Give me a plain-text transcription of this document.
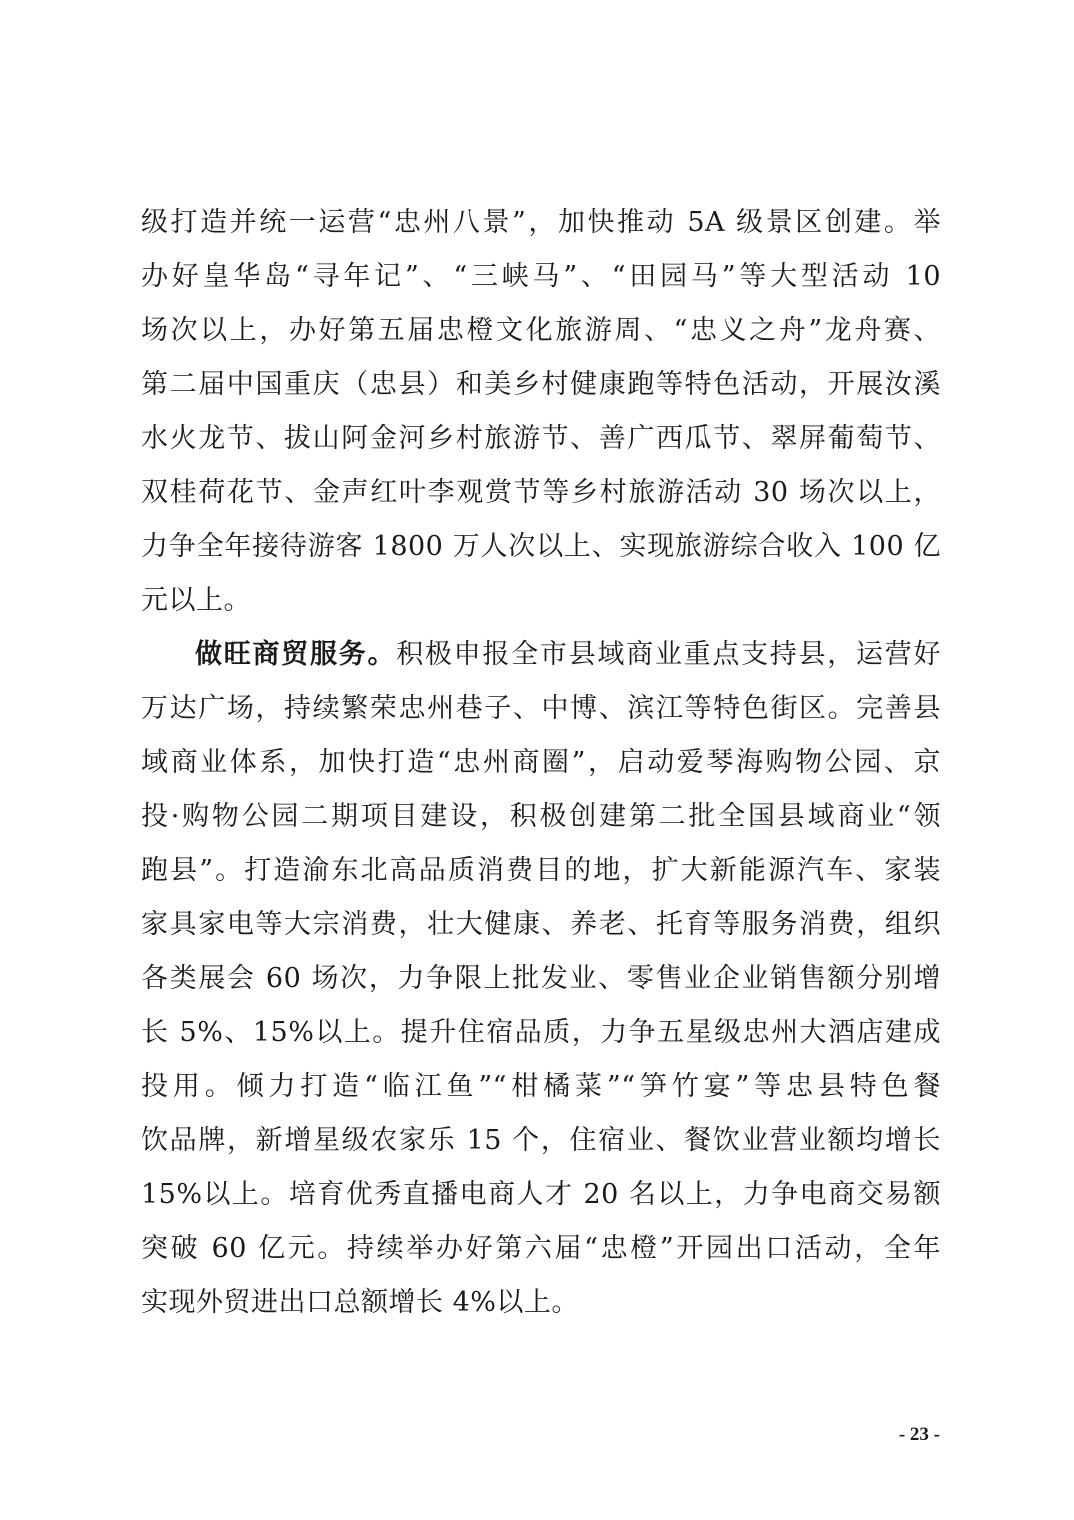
级打造并统一运营“忠州八景”，加快推动 5A 级景区创建。举
办好皇华岛“寻年记”、“三峡马”、“田园马”等大型活动 10
场次以上，办好第五届忠橙文化旅游周、“忠义之舟”龙舟赛、
第二届中国重庆（忠县）和美乡村健康跑等特色活动，开展汝溪
水火龙节、拔山阿金河乡村旅游节、善广西瓜节、翠屏葡萄节、
双桂荷花节、金声红叶李观赏节等乡村旅游活动 30 场次以上，
力争全年接待游客 1800 万人次以上、实现旅游综合收入 100 亿
元以上。
做旺商贸服务。积极申报全市县域商业重点支持县，运营好
万达广场，持续繁荣忠州巷子、中博、滨江等特色街区。完善县
域商业体系，加快打造“忠州商圈”，启动爱琴海购物公园、京
投·购物公园二期项目建设，积极创建第二批全国县域商业“领
跑县”。打造渝东北高品质消费目的地，扩大新能源汽车、家装
家具家电等大宗消费，壮大健康、养老、托育等服务消费，组织
各类展会 60 场次，力争限上批发业、零售业企业销售额分别增
长 5%、15%以上。提升住宿品质，力争五星级忠州大酒店建成
投用。倾力打造“临江鱼”“柑橘菜”“笋竹宴”等忠县特色餐
饮品牌，新增星级农家乐 15 个，住宿业、餐饮业营业额均增长
15%以上。培育优秀直播电商人才 20 名以上，力争电商交易额
突破 60 亿元。持续举办好第六届“忠橙”开园出口活动，全年
实现外贸进出口总额增长 4%以上。
- 23 -
